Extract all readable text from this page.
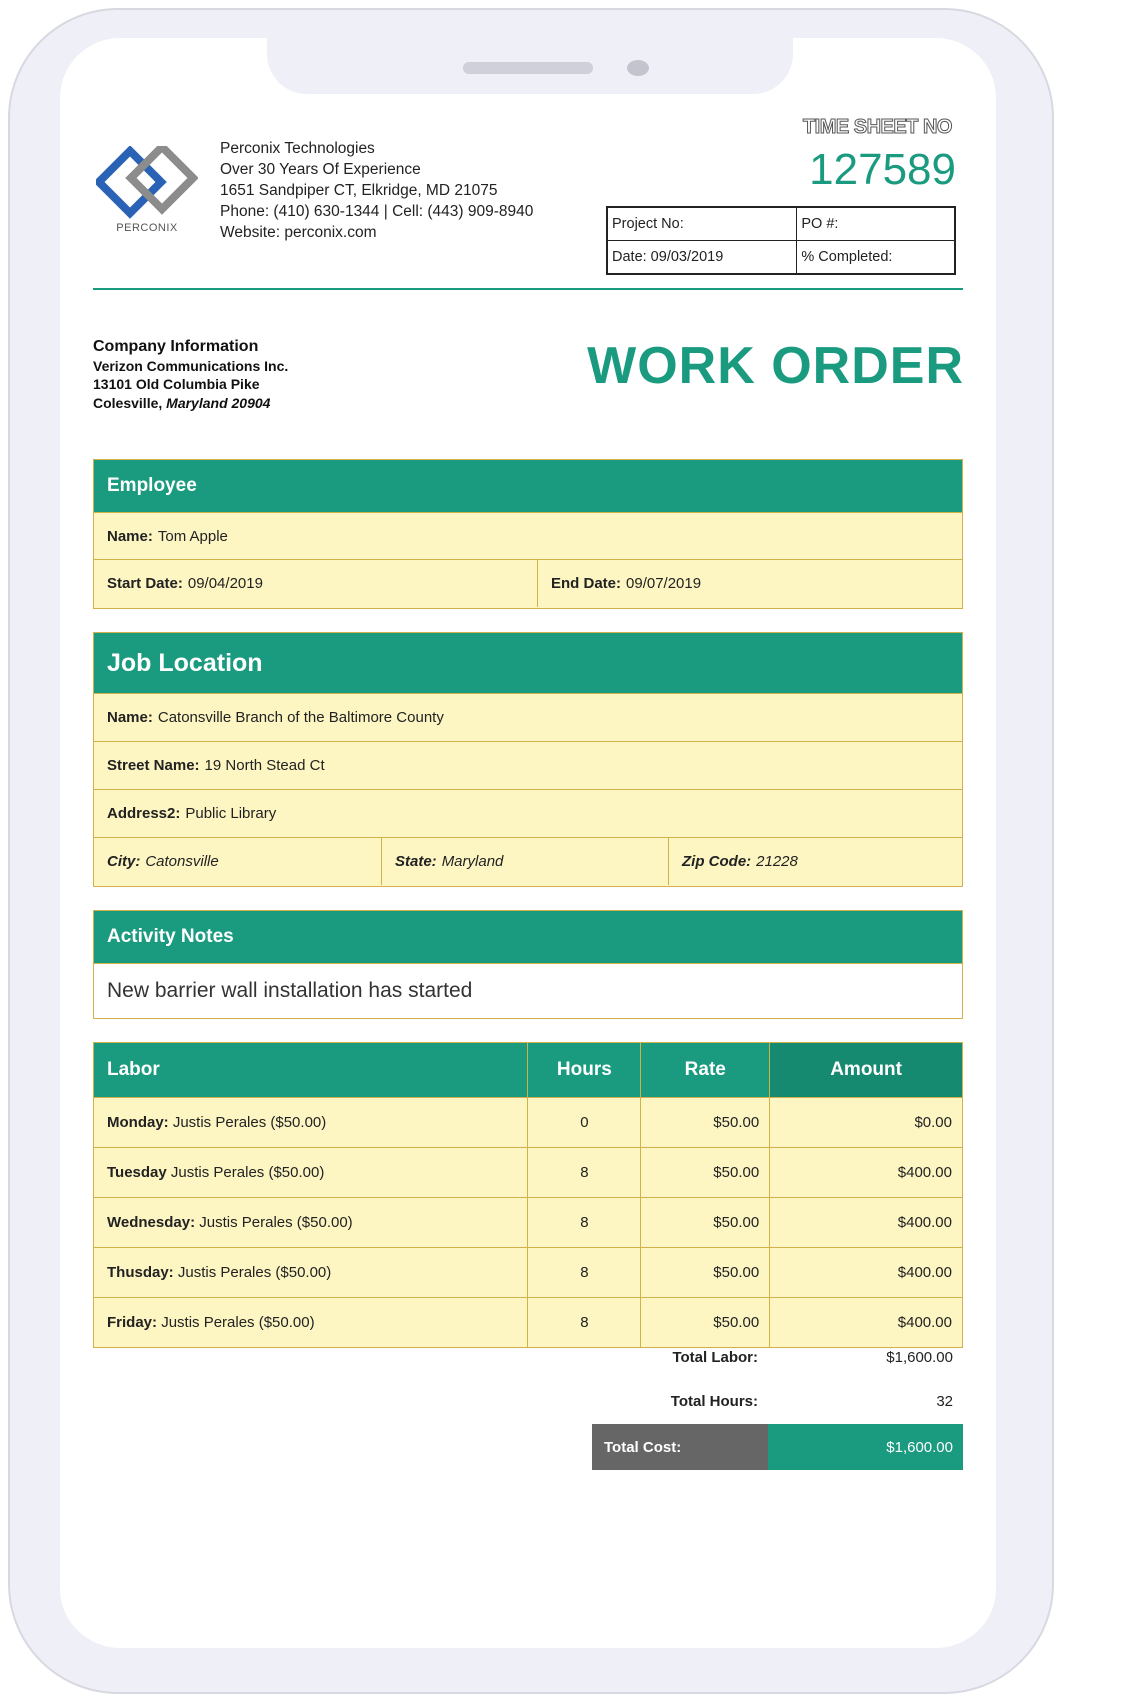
PERCONIX
Perconix Technologies
Over 30 Years Of Experience
1651 Sandpiper CT, Elkridge, MD 21075
Phone: (410) 630-1344 | Cell: (443) 909-8940
Website: perconix.com
TIME SHEET NO
127589
Project No:	PO #:
Date: 09/03/2019	% Completed:
Company Information
Verizon Communications Inc.
13101 Old Columbia Pike
Colesville, Maryland 20904
WORK ORDER
Employee
Name: Tom Apple
Start Date: 09/04/2019	End Date: 09/07/2019
Job Location
Name: Catonsville Branch of the Baltimore County
Street Name: 19 North Stead Ct
Address2: Public Library
City: Catonsville	State: Maryland	Zip Code: 21228
Activity Notes
New barrier wall installation has started
Labor	Hours	Rate	Amount
Monday: Justis Perales ($50.00)	0	$50.00	$0.00
Tuesday Justis Perales ($50.00)	8	$50.00	$400.00
Wednesday: Justis Perales ($50.00)	8	$50.00	$400.00
Thusday: Justis Perales ($50.00)	8	$50.00	$400.00
Friday: Justis Perales ($50.00)	8	$50.00	$400.00
Total Labor:	$1,600.00
Total Hours:	32
Total Cost:	$1,600.00
